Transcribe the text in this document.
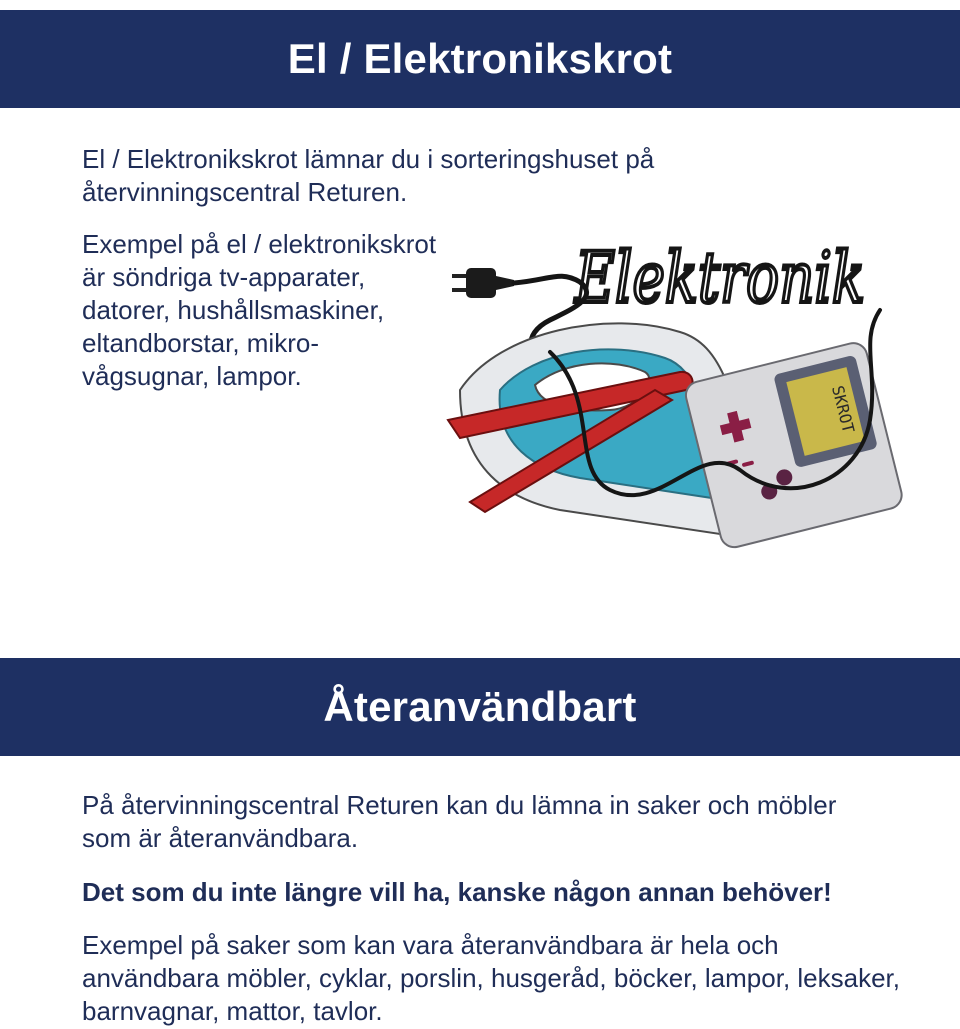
El / Elektronikskrot

El / Elektronikskrot lämnar du i sorteringshuset på återvinningscentral Returen.

Exempel på el / elektronikskrot är söndriga tv-apparater, datorer, hushållsmaskiner, eltandborstar, mikro-vågsugnar, lampor.

Elektronik
SKROT
Återanvändbart

På återvinningscentral Returen kan du lämna in saker och möbler som är återanvändbara.

Det som du inte längre vill ha, kanske någon annan behöver!

Exempel på saker som kan vara återanvändbara är hela och användbara möbler, cyklar, porslin, husgeråd, böcker, lampor, leksaker, barnvagnar, mattor, tavlor.
